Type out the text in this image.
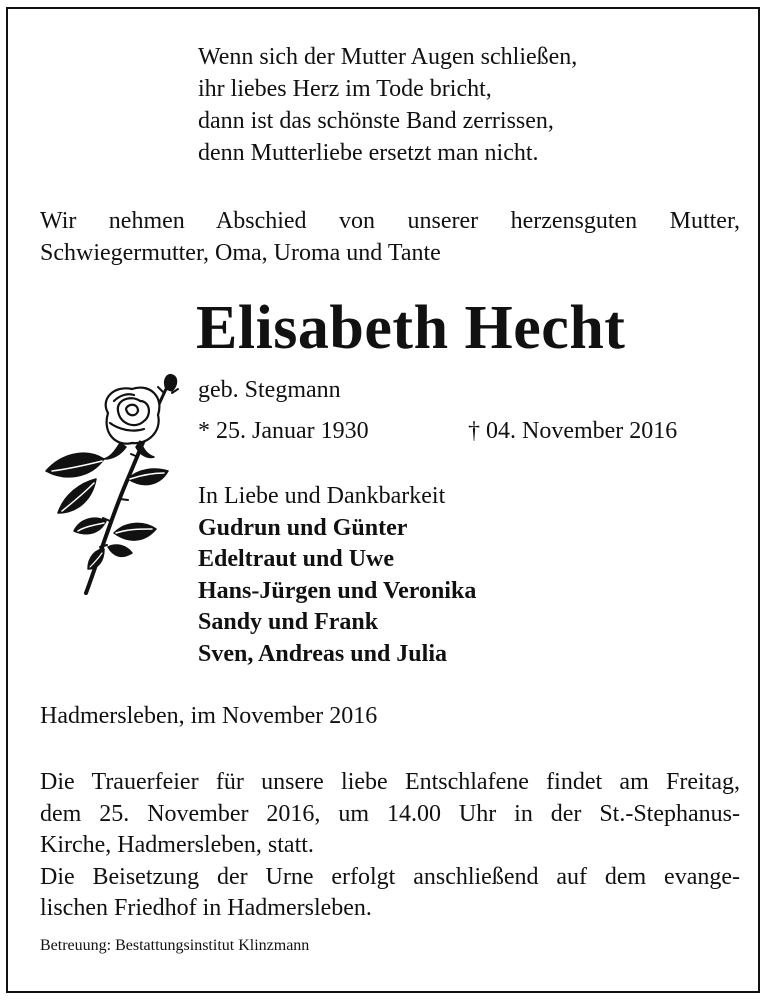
Wenn sich der Mutter Augen schließen,
ihr liebes Herz im Tode bricht,
dann ist das schönste Band zerrissen,
denn Mutterliebe ersetzt man nicht.
Wir nehmen Abschied von unserer herzensguten Mutter,
Schwiegermutter, Oma, Uroma und Tante
Elisabeth Hecht
geb. Stegmann
* 25. Januar 1930	† 04. November 2016
In Liebe und Dankbarkeit
Gudrun und Günter
Edeltraut und Uwe
Hans-Jürgen und Veronika
Sandy und Frank
Sven, Andreas und Julia
Hadmersleben, im November 2016
Die Trauerfeier für unsere liebe Entschlafene findet am Freitag,
dem 25. November 2016, um 14.00 Uhr in der St.-Stephanus-
Kirche, Hadmersleben, statt.
Die Beisetzung der Urne erfolgt anschließend auf dem evange-
lischen Friedhof in Hadmersleben.
Betreuung: Bestattungsinstitut Klinzmann
